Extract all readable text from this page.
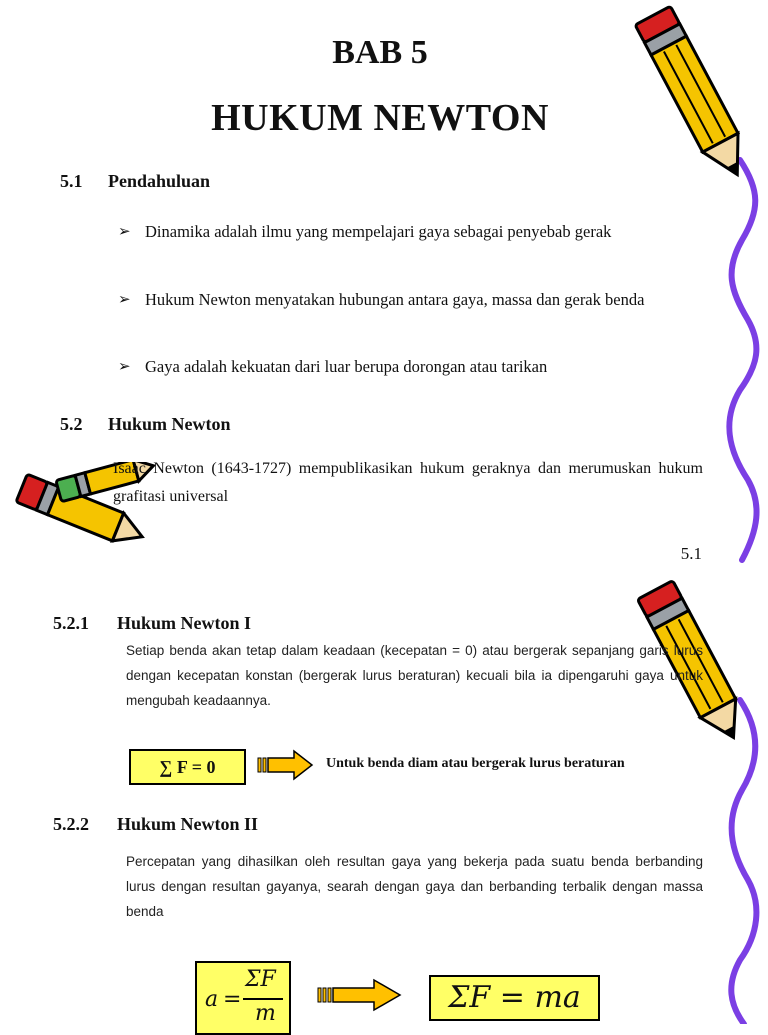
BAB 5
HUKUM NEWTON
5.1 Pendahuluan
➢ Dinamika adalah ilmu yang mempelajari gaya sebagai penyebab gerak
➢ Hukum Newton menyatakan hubungan antara gaya, massa dan gerak benda
➢ Gaya adalah kekuatan dari luar berupa dorongan atau tarikan
5.2 Hukum Newton
Isaac Newton (1643-1727) mempublikasikan hukum geraknya dan merumuskan hukum grafitasi universal
5.1
5.2.1 Hukum Newton I
Setiap benda akan tetap dalam keadaan (kecepatan = 0) atau bergerak sepanjang garis lurus dengan kecepatan konstan (bergerak lurus beraturan) kecuali bila ia dipengaruhi gaya untuk mengubah keadaannya.
∑ F = 0	Untuk benda diam atau bergerak lurus beraturan
5.2.2 Hukum Newton II
Percepatan yang dihasilkan oleh resultan gaya yang bekerja pada suatu benda berbanding lurus dengan resultan gayanya, searah dengan gaya dan berbanding terbalik dengan massa benda
a =
ΣF
m	ΣF = ma
